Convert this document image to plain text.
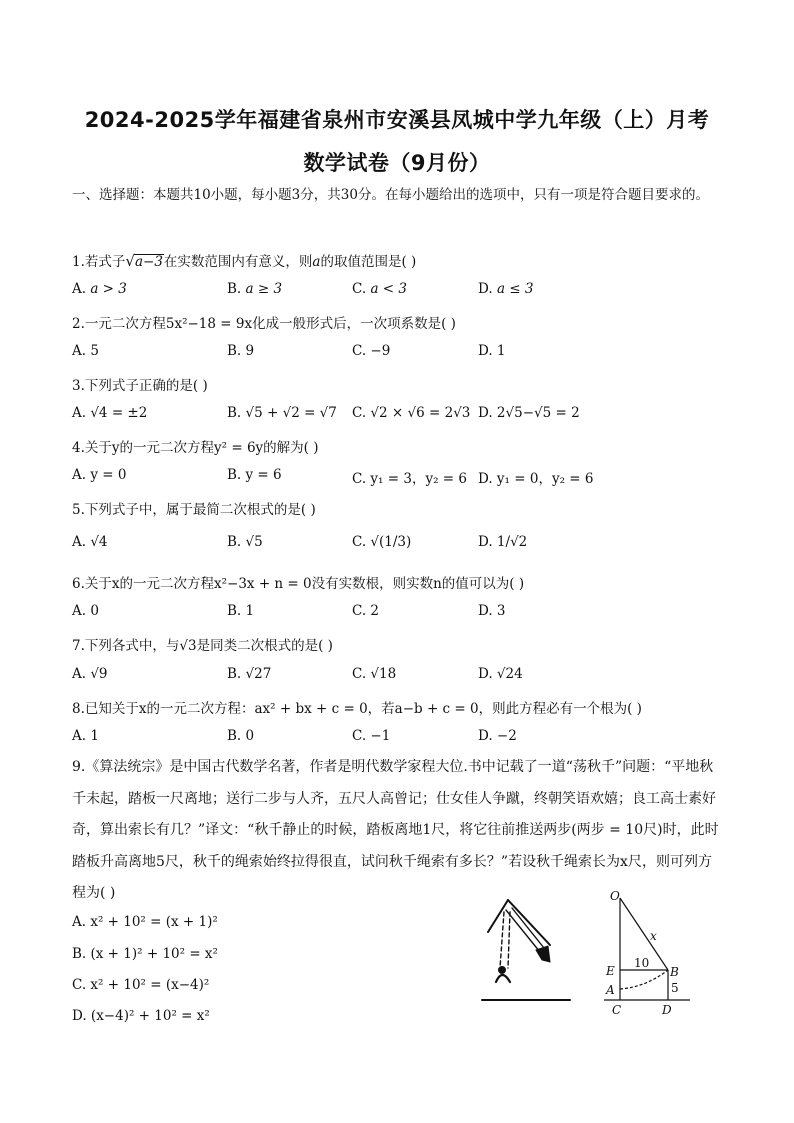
2024-2025学年福建省泉州市安溪县凤城中学九年级（上）月考
数学试卷（9月份）
一、选择题：本题共10小题，每小题3分，共30分。在每小题给出的选项中，只有一项是符合题目要求的。
1.若式子√a−3在实数范围内有意义，则a的取值范围是( )
A. a > 3	B. a ≥ 3	C. a < 3	D. a ≤ 3
2.一元二次方程5x²−18 = 9x化成一般形式后，一次项系数是( )
A. 5	B. 9	C. −9	D. 1
3.下列式子正确的是( )
A. √4 = ±2	B. √5 + √2 = √7 C. √2 × √6 = 2√3 D. 2√5−√5 = 2
4.关于y的一元二次方程y² = 6y的解为( )
A. y = 0	B. y = 6	C. y₁ = 3，y₂ = 6 D. y₁ = 0，y₂ = 6
5.下列式子中，属于最简二次根式的是( )
A. √4	B. √5	C. √(1/3)	D. 1/√2
6.关于x的一元二次方程x²−3x + n = 0没有实数根，则实数n的值可以为( )
A. 0	B. 1	C. 2	D. 3
7.下列各式中，与√3是同类二次根式的是( )
A. √9	B. √27	C. √18	D. √24
8.已知关于x的一元二次方程：ax² + bx + c = 0，若a−b + c = 0，则此方程必有一个根为( )
A. 1	B. 0	C. −1	D. −2
9.《算法统宗》是中国古代数学名著，作者是明代数学家程大位.书中记载了一道“荡秋千”问题：“平地秋千未起，踏板一尺离地；送行二步与人齐，五尺人高曾记；仕女佳人争蹴，终朝笑语欢嬉；良工高士素好奇，算出索长有几？”译文：“秋千静止的时候，踏板离地1尺，将它往前推送两步(两步 = 10尺)时，此时踏板升高离地5尺，秋千的绳索始终拉得很直，试问秋千绳索有多长？”若设秋千绳索长为x尺，则可列方程为( )
A. x² + 10² = (x + 1)²
B. (x + 1)² + 10² = x²
C. x² + 10² = (x−4)²
D. (x−4)² + 10² = x²
O
x
E	B
A
C	D
10
5
